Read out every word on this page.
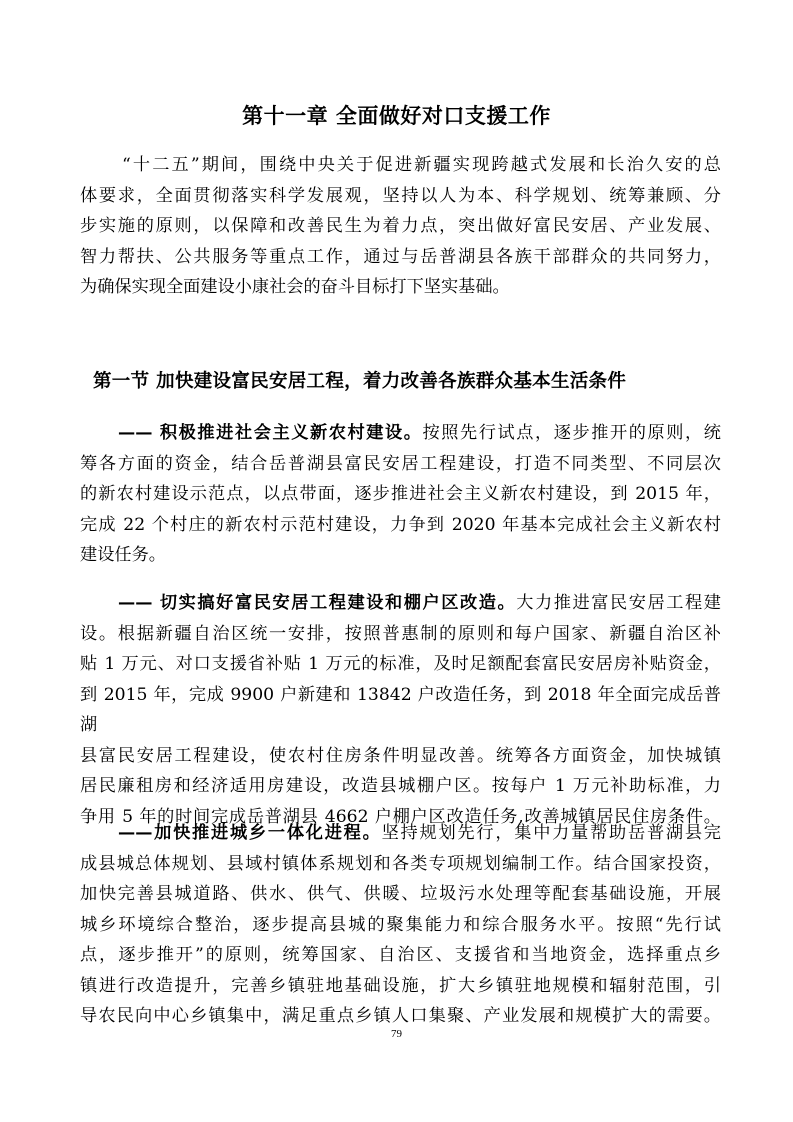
第十一章 全面做好对口支援工作

“十二五”期间，围绕中央关于促进新疆实现跨越式发展和长治久安的总
体要求，全面贯彻落实科学发展观，坚持以人为本、科学规划、统筹兼顾、分
步实施的原则，以保障和改善民生为着力点，突出做好富民安居、产业发展、
智力帮扶、公共服务等重点工作，通过与岳普湖县各族干部群众的共同努力，
为确保实现全面建设小康社会的奋斗目标打下坚实基础。

第一节 加快建设富民安居工程，着力改善各族群众基本生活条件

—— 积极推进社会主义新农村建设。按照先行试点，逐步推开的原则，统
筹各方面的资金，结合岳普湖县富民安居工程建设，打造不同类型、不同层次
的新农村建设示范点，以点带面，逐步推进社会主义新农村建设，到 2015 年，
完成 22 个村庄的新农村示范村建设，力争到 2020 年基本完成社会主义新农村
建设任务。

—— 切实搞好富民安居工程建设和棚户区改造。大力推进富民安居工程建
设。根据新疆自治区统一安排，按照普惠制的原则和每户国家、新疆自治区补
贴 1 万元、对口支援省补贴 1 万元的标准，及时足额配套富民安居房补贴资金，
到 2015 年，完成 9900 户新建和 13842 户改造任务，到 2018 年全面完成岳普湖
县富民安居工程建设，使农村住房条件明显改善。统筹各方面资金，加快城镇
居民廉租房和经济适用房建设，改造县城棚户区。按每户 1 万元补助标准，力
争用 5 年的时间完成岳普湖县 4662 户棚户区改造任务,改善城镇居民住房条件。

——加快推进城乡一体化进程。坚持规划先行，集中力量帮助岳普湖县完
成县城总体规划、县域村镇体系规划和各类专项规划编制工作。结合国家投资，
加快完善县城道路、供水、供气、供暖、垃圾污水处理等配套基础设施，开展
城乡环境综合整治，逐步提高县城的聚集能力和综合服务水平。按照“先行试
点，逐步推开”的原则，统筹国家、自治区、支援省和当地资金，选择重点乡
镇进行改造提升，完善乡镇驻地基础设施，扩大乡镇驻地规模和辐射范围，引
导农民向中心乡镇集中，满足重点乡镇人口集聚、产业发展和规模扩大的需要。

79
